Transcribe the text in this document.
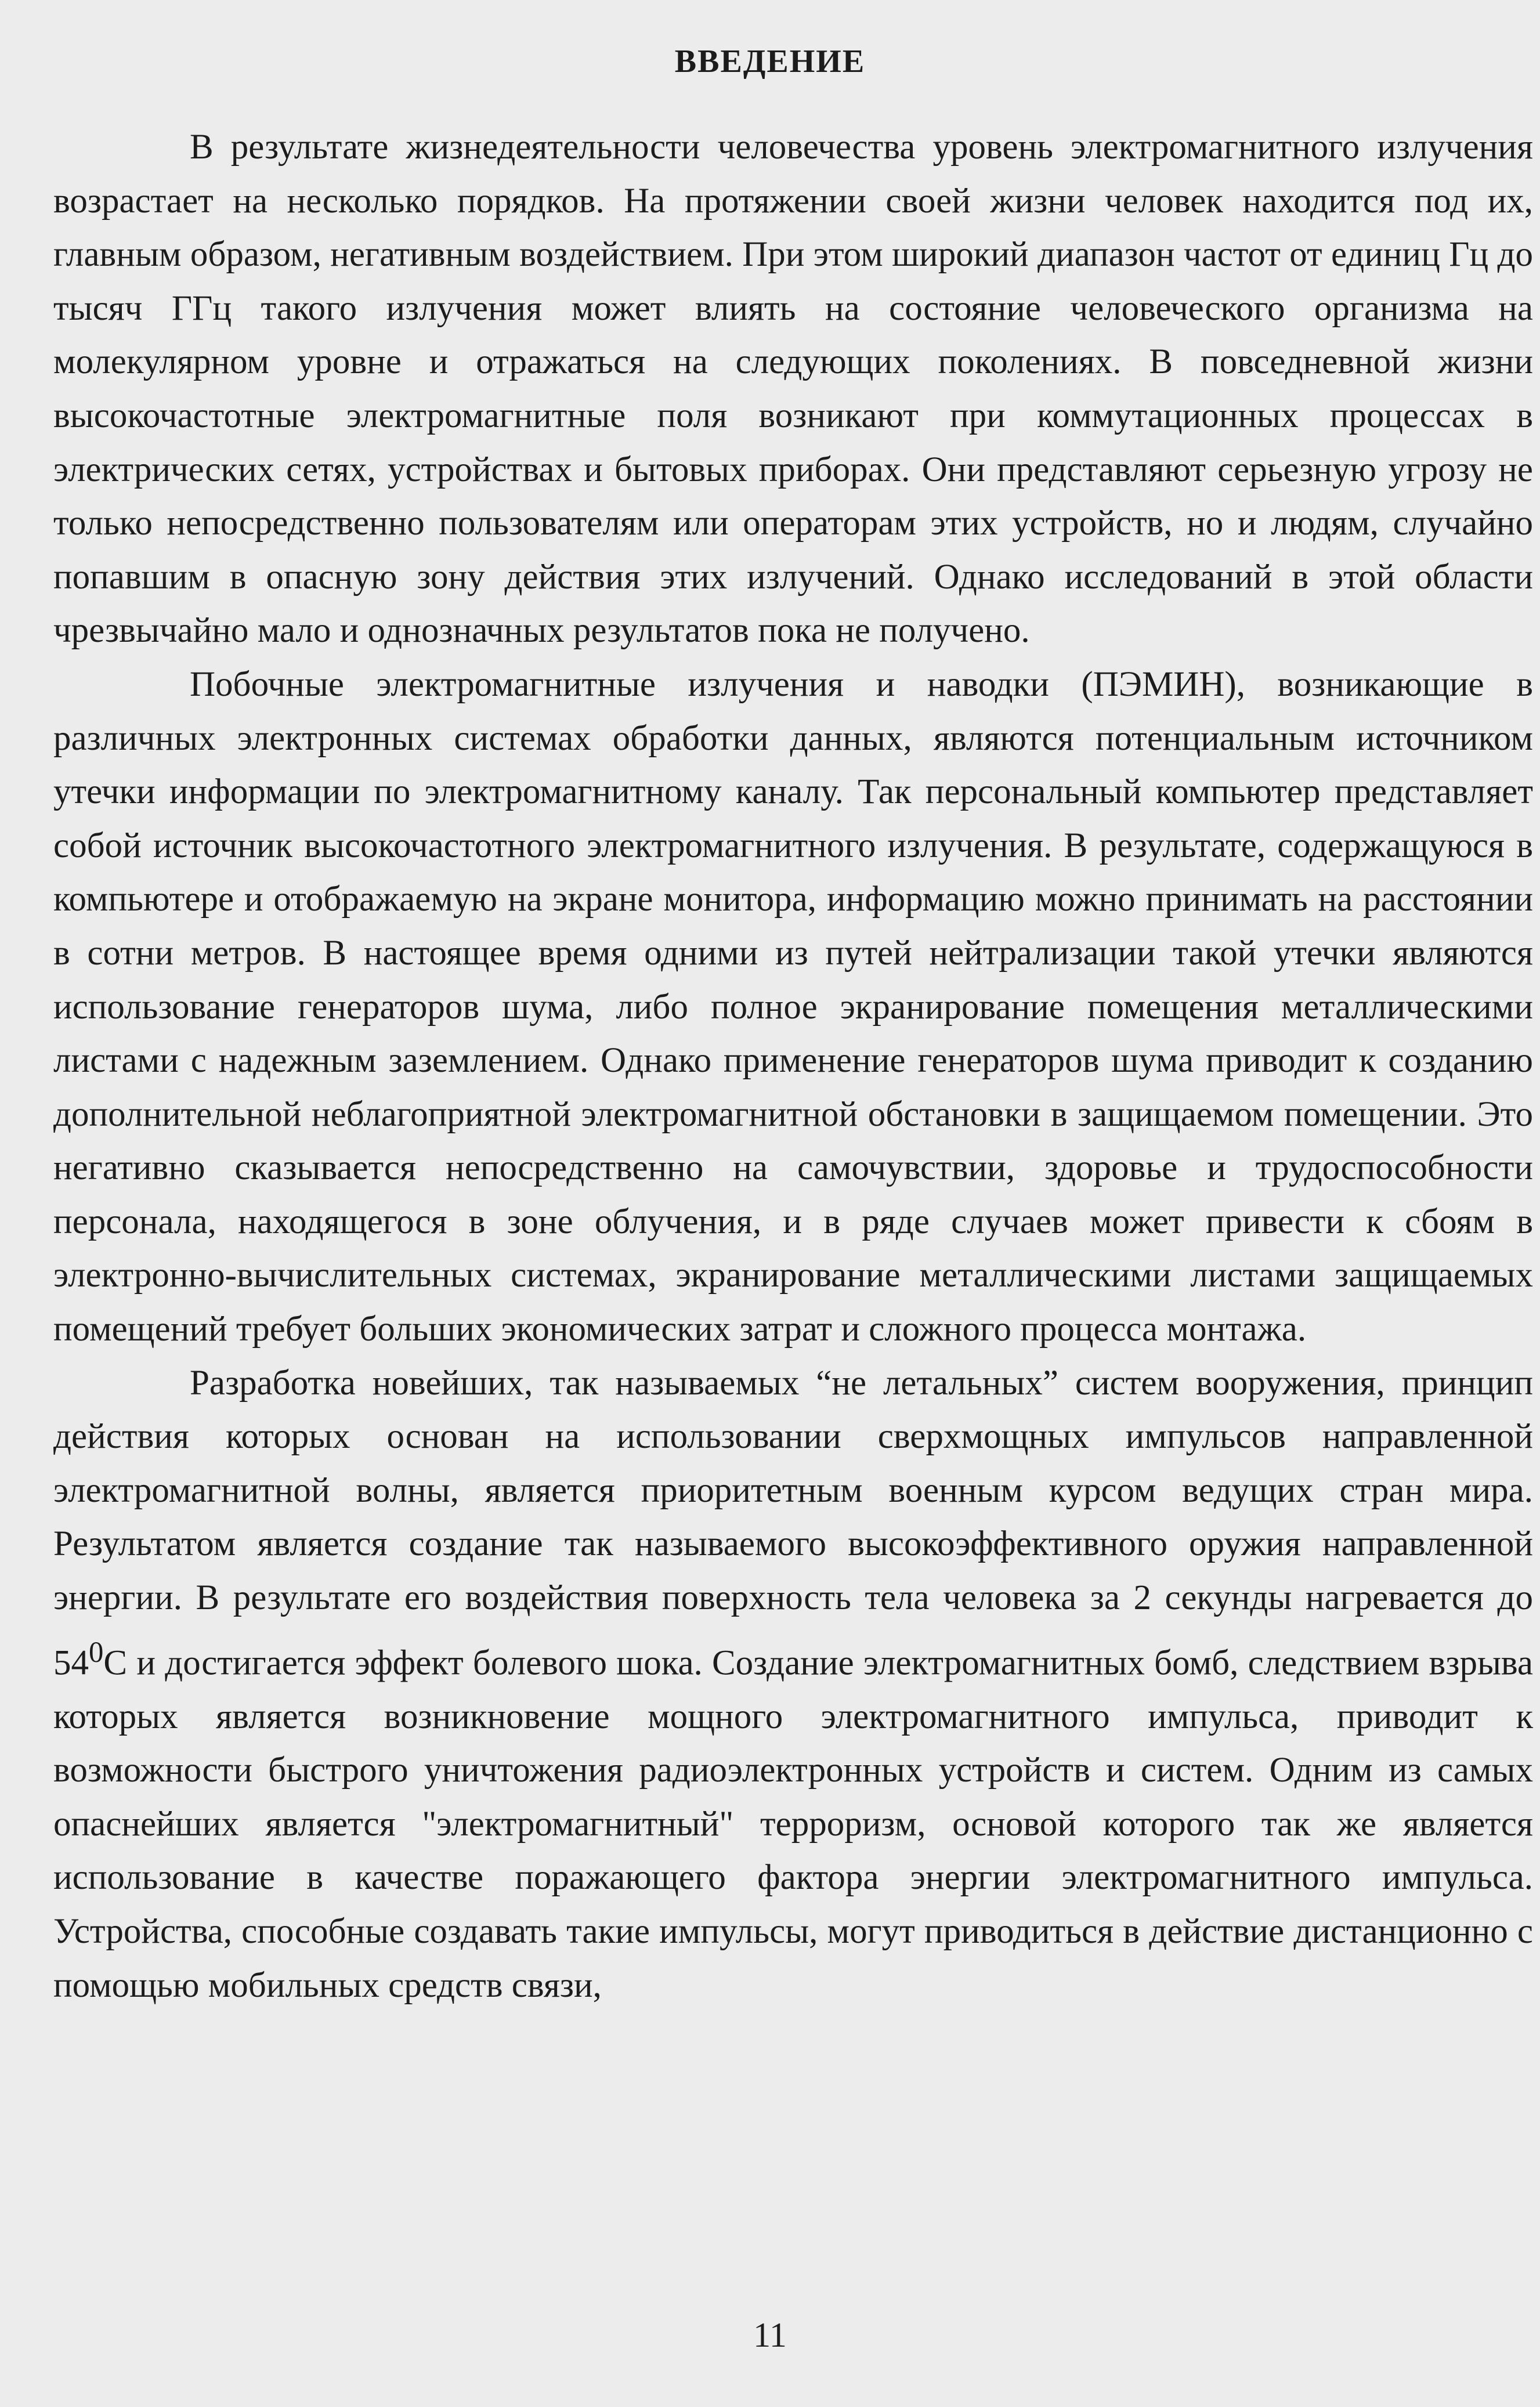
ВВЕДЕНИЕ

В результате жизнедеятельности человечества уровень электромагнитного излучения возрастает на несколько порядков. На протяжении своей жизни человек находится под их, главным образом, негативным воздействием. При этом широкий диапазон частот от единиц Гц до тысяч ГГц такого излучения может влиять на состояние человеческого организма на молекулярном уровне и отражаться на следующих поколениях. В повседневной жизни высокочастотные электромагнитные поля возникают при коммутационных процессах в электрических сетях, устройствах и бытовых приборах. Они представляют серьезную угрозу не только непосредственно пользователям или операторам этих устройств, но и людям, случайно попавшим в опасную зону действия этих излучений. Однако исследований в этой области чрезвычайно мало и однозначных результатов пока не получено.

Побочные электромагнитные излучения и наводки (ПЭМИН), возникающие в различных электронных системах обработки данных, являются потенциальным источником утечки информации по электромагнитному каналу. Так персональный компьютер представляет собой источник высокочастотного электромагнитного излучения. В результате, содержащуюся в компьютере и отображаемую на экране монитора, информацию можно принимать на расстоянии в сотни метров. В настоящее время одними из путей нейтрализации такой утечки являются использование генераторов шума, либо полное экранирование помещения металлическими листами с надежным заземлением. Однако применение генераторов шума приводит к созданию дополнительной неблагоприятной электромагнитной обстановки в защищаемом помещении. Это негативно сказывается непосредственно на самочувствии, здоровье и трудоспособности персонала, находящегося в зоне облучения, и в ряде случаев может привести к сбоям в электронно-вычислительных системах, экранирование металлическими листами защищаемых помещений требует больших экономических затрат и сложного процесса монтажа.

Разработка новейших, так называемых “не летальных” систем вооружения, принцип действия которых основан на использовании сверхмощных импульсов направленной электромагнитной волны, является приоритетным военным курсом ведущих стран мира. Результатом является создание так называемого высокоэффективного оружия направленной энергии. В результате его воздействия поверхность тела человека за 2 секунды нагревается до $54^0С$ и достигается эффект болевого шока. Создание электромагнитных бомб, следствием взрыва которых является возникновение мощного электромагнитного импульса, приводит к возможности быстрого уничтожения радиоэлектронных устройств и систем. Одним из самых опаснейших является "электромагнитный" терроризм, основой которого так же является использование в качестве поражающего фактора энергии электромагнитного импульса. Устройства, способные создавать такие импульсы, могут приводиться в действие дистанционно с помощью мобильных средств связи,

11
